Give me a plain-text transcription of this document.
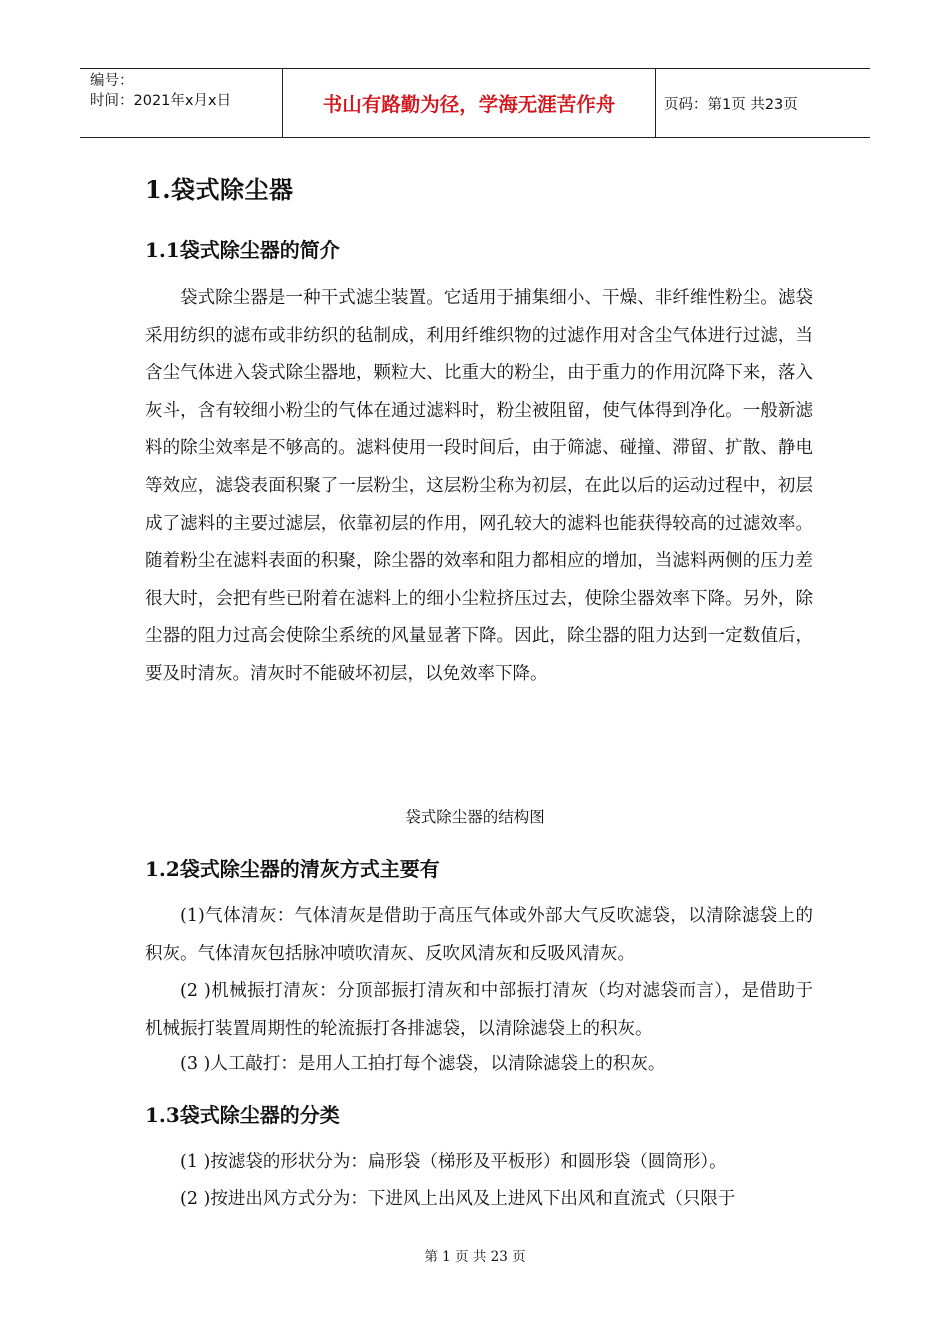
编号：
时间：2021年x月x日	书山有路勤为径，学海无涯苦作舟	页码：第1页 共23页
1.袋式除尘器
1.1袋式除尘器的简介

袋式除尘器是一种干式滤尘装置。它适用于捕集细小、干燥、非纤维性粉尘。滤袋采用纺织的滤布或非纺织的毡制成，利用纤维织物的过滤作用对含尘气体进行过滤，当含尘气体进入袋式除尘器地，颗粒大、比重大的粉尘，由于重力的作用沉降下来，落入灰斗，含有较细小粉尘的气体在通过滤料时，粉尘被阻留，使气体得到净化。一般新滤料的除尘效率是不够高的。滤料使用一段时间后，由于筛滤、碰撞、滞留、扩散、静电等效应，滤袋表面积聚了一层粉尘，这层粉尘称为初层，在此以后的运动过程中，初层成了滤料的主要过滤层，依靠初层的作用，网孔较大的滤料也能获得较高的过滤效率。随着粉尘在滤料表面的积聚，除尘器的效率和阻力都相应的增加，当滤料两侧的压力差很大时，会把有些已附着在滤料上的细小尘粒挤压过去，使除尘器效率下降。另外，除尘器的阻力过高会使除尘系统的风量显著下降。因此，除尘器的阻力达到一定数值后，要及时清灰。清灰时不能破坏初层，以免效率下降。

袋式除尘器的结构图
1.2袋式除尘器的清灰方式主要有

(1)气体清灰：气体清灰是借助于高压气体或外部大气反吹滤袋，以清除滤袋上的积灰。气体清灰包括脉冲喷吹清灰、反吹风清灰和反吸风清灰。

(2 )机械振打清灰：分顶部振打清灰和中部振打清灰（均对滤袋而言），是借助于机械振打装置周期性的轮流振打各排滤袋，以清除滤袋上的积灰。

(3 )人工敲打：是用人工拍打每个滤袋，以清除滤袋上的积灰。

1.3袋式除尘器的分类

(1 )按滤袋的形状分为：扁形袋（梯形及平板形）和圆形袋（圆筒形）。

(2 )按进出风方式分为：下进风上出风及上进风下出风和直流式（只限于

第 1 页 共 23 页
